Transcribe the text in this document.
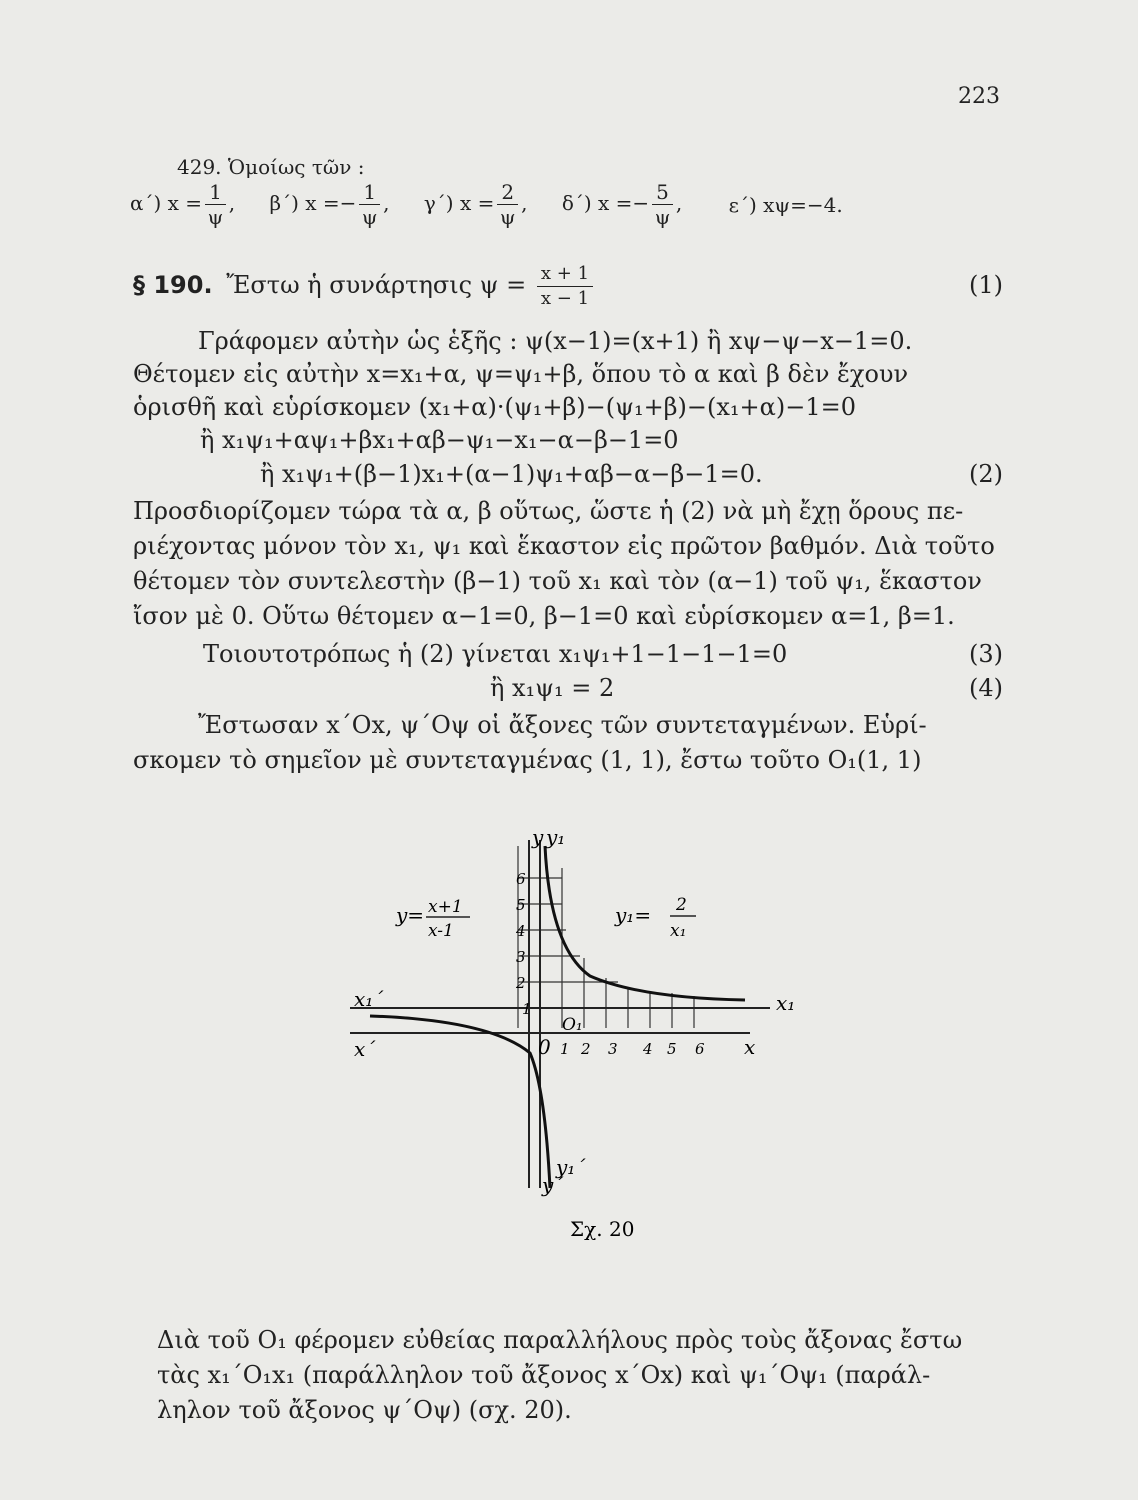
223
429. Ὁμοίως τῶν :
α΄) $x = \frac{1}{\psi}$ , β΄) $x =- \frac{1}{\psi}$ , γ΄) $x = \frac{2}{\psi}$ , δ΄) $x =- \frac{5}{\psi}$ , ε΄) xψ=−4.
§ 190. Ἔστω ἡ συνάρτησις $\psi = \frac{x + 1}{x - 1}$	(1)
Γράφομεν αὐτὴν ὡς ἑξῆς : ψ(x−1)=(x+1) ἢ xψ−ψ−x−1=0.
Θέτομεν εἰς αὐτὴν x=x₁+α, ψ=ψ₁+β, ὅπου τὸ α καὶ β δὲν ἔχουν
ὁρισθῆ καὶ εὑρίσκομεν (x₁+α)·(ψ₁+β)−(ψ₁+β)−(x₁+α)−1=0
ἢ x₁ψ₁+αψ₁+βx₁+αβ−ψ₁−x₁−α−β−1=0
ἢ x₁ψ₁+(β−1)x₁+(α−1)ψ₁+αβ−α−β−1=0.	(2)
Προσδιορίζομεν τώρα τὰ α, β οὕτως, ὥστε ἡ (2) νὰ μὴ ἔχῃ ὅρους πε-
ριέχοντας μόνον τὸν x₁, ψ₁ καὶ ἕκαστον εἰς πρῶτον βαθμόν. Διὰ τοῦτο
θέτομεν τὸν συντελεστὴν (β−1) τοῦ x₁ καὶ τὸν (α−1) τοῦ ψ₁, ἕκαστον
ἴσον μὲ 0. Οὕτω θέτομεν α−1=0, β−1=0 καὶ εὑρίσκομεν α=1, β=1.
Τοιουτοτρόπως ἡ (2) γίνεται x₁ψ₁+1−1−1−1=0	(3)
ἢ x₁ψ₁ = 2	(4)
Ἔστωσαν x΄Ox, ψ΄Oψ οἱ ἄξονες τῶν συντεταγμένων. Εὑρί-
σκομεν τὸ σημεῖον μὲ συντεταγμένας (1, 1), ἔστω τοῦτο O₁(1, 1)
y= x+1
x-1
y₁= 2
x₁
1
2
3
4
5
6
1 2 3 4 5 6
0	x
x₁
x΄
x₁΄
y y₁
y΄
y₁΄
O₁
Σχ. 20
Διὰ τοῦ O₁ φέρομεν εὐθείας παραλλήλους πρὸς τοὺς ἄξονας ἔστω
τὰς x₁΄O₁x₁ (παράλληλον τοῦ ἄξονος x΄Ox) καὶ ψ₁΄Oψ₁ (παράλ-
ληλον τοῦ ἄξονος ψ΄Oψ) (σχ. 20).
